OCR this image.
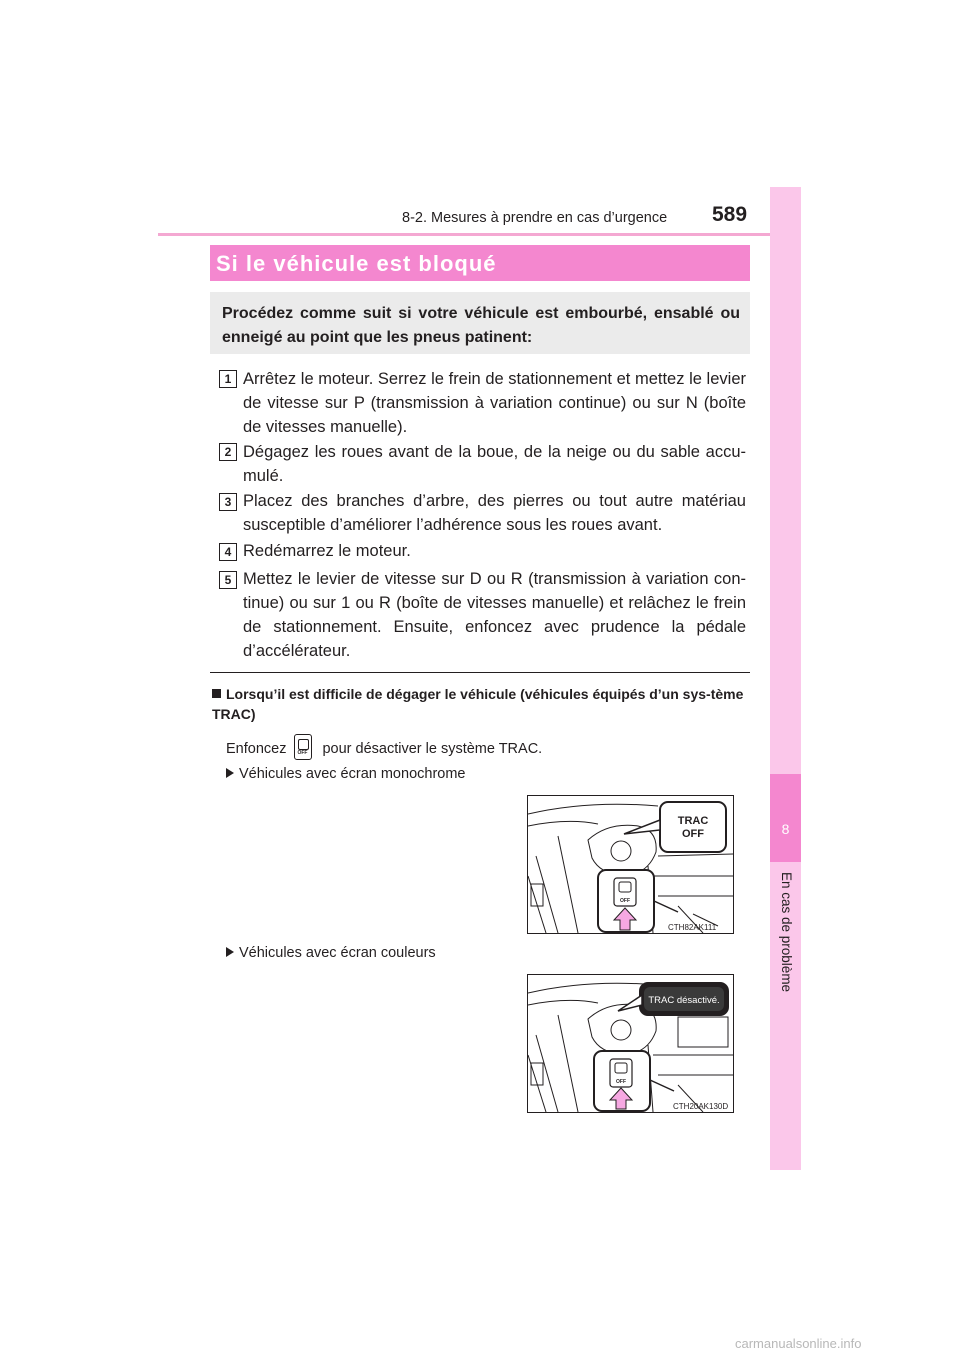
8-2. Mesures à prendre en cas d’urgence 589
8
En cas de problème
Si le véhicule est bloqué
Procédez comme suit si votre véhicule est embourbé, ensablé ou enneigé au point que les pneus patinent:
1 Arrêtez le moteur. Serrez le frein de stationnement et mettez le levier de vitesse sur P (transmission à variation continue) ou sur N (boîte de vitesses manuelle).
2 Dégagez les roues avant de la boue, de la neige ou du sable accu-mulé.
3 Placez des branches d’arbre, des pierres ou tout autre matériau susceptible d’améliorer l’adhérence sous les roues avant.
4 Redémarrez le moteur.
5 Mettez le levier de vitesse sur D ou R (transmission à variation con-tinue) ou sur 1 ou R (boîte de vitesses manuelle) et relâchez le frein de stationnement. Ensuite, enfoncez avec prudence la pédale d’accélérateur.
Lorsqu’il est difficile de dégager le véhicule (véhicules équipés d’un sys-tème TRAC)
Enfoncez OFF pour désactiver le système TRAC.
Véhicules avec écran monochrome
TRAC
OFF
OFF
CTH82AK111
Véhicules avec écran couleurs
TRAC désactivé.
OFF
CTH20AK130D
carmanualsonline.info
